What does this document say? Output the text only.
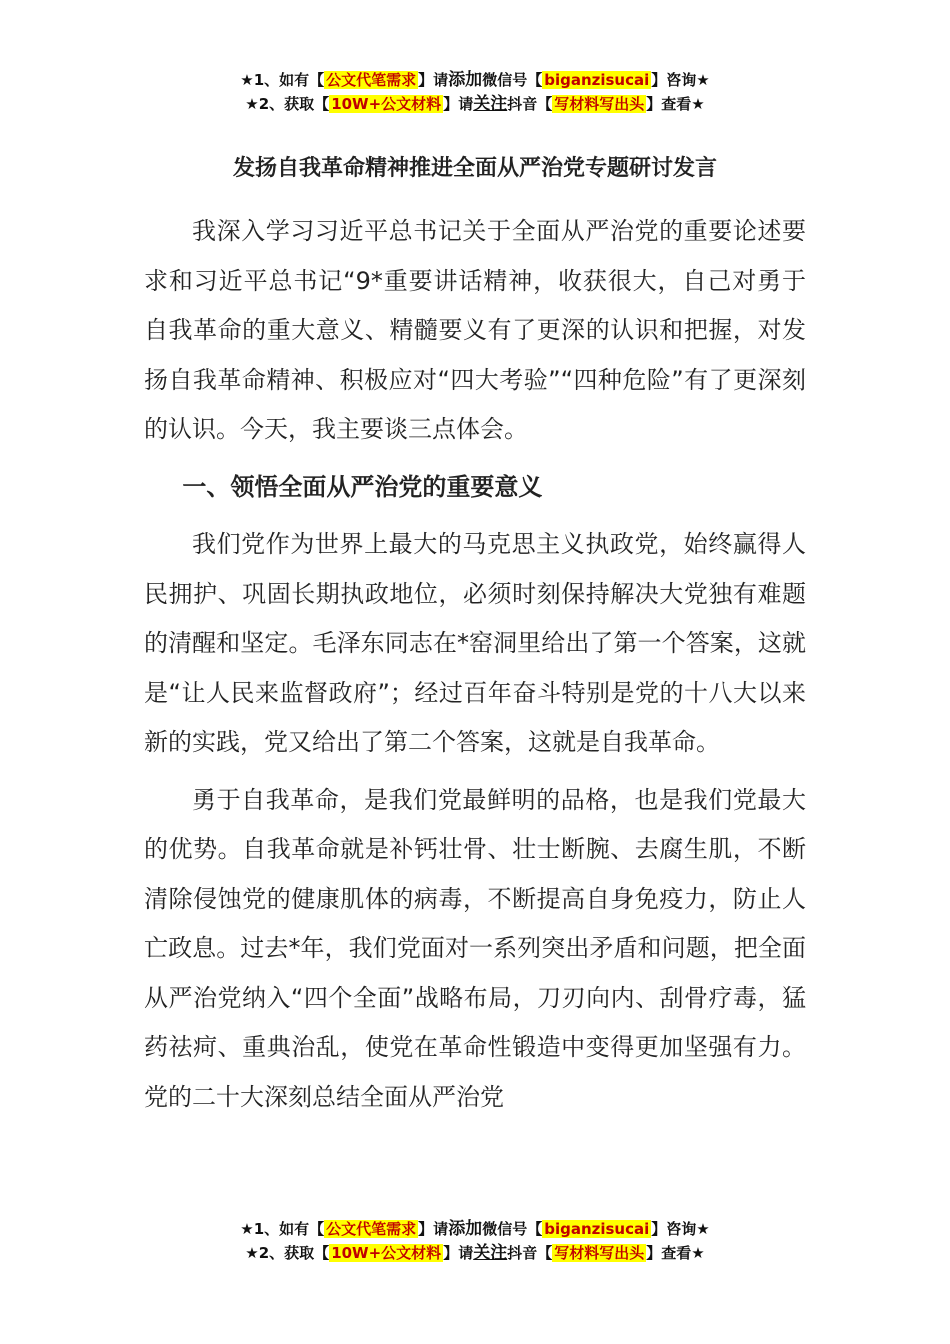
★1、如有【 公文代笔需求 】请添加微信号【 biganzisucai 】咨询★
★2、获取【 10W+公文材料 】请关注抖音【 写材料写出头 】查看★
发扬自我革命精神推进全面从严治党专题研讨发言

我深入学习习近平总书记关于全面从严治党的重要论述要求和习近平总书记“9*重要讲话精神，收获很大，自己对勇于自我革命的重大意义、精髓要义有了更深的认识和把握，对发扬自我革命精神、积极应对“四大考验”“四种危险”有了更深刻的认识。今天，我主要谈三点体会。

一、领悟全面从严治党的重要意义

我们党作为世界上最大的马克思主义执政党，始终赢得人民拥护、巩固长期执政地位，必须时刻保持解决大党独有难题的清醒和坚定。毛泽东同志在*窑洞里给出了第一个答案，这就是“让人民来监督政府”；经过百年奋斗特别是党的十八大以来新的实践，党又给出了第二个答案，这就是自我革命。

勇于自我革命，是我们党最鲜明的品格，也是我们党最大的优势。自我革命就是补钙壮骨、壮士断腕、去腐生肌，不断清除侵蚀党的健康肌体的病毒，不断提高自身免疫力，防止人亡政息。过去*年，我们党面对一系列突出矛盾和问题，把全面从严治党纳入“四个全面”战略布局，刀刃向内、刮骨疗毒，猛药祛疴、重典治乱，使党在革命性锻造中变得更加坚强有力。党的二十大深刻总结全面从严治党

★1、如有【 公文代笔需求 】请添加微信号【 biganzisucai 】咨询★
★2、获取【 10W+公文材料 】请关注抖音【 写材料写出头 】查看★
